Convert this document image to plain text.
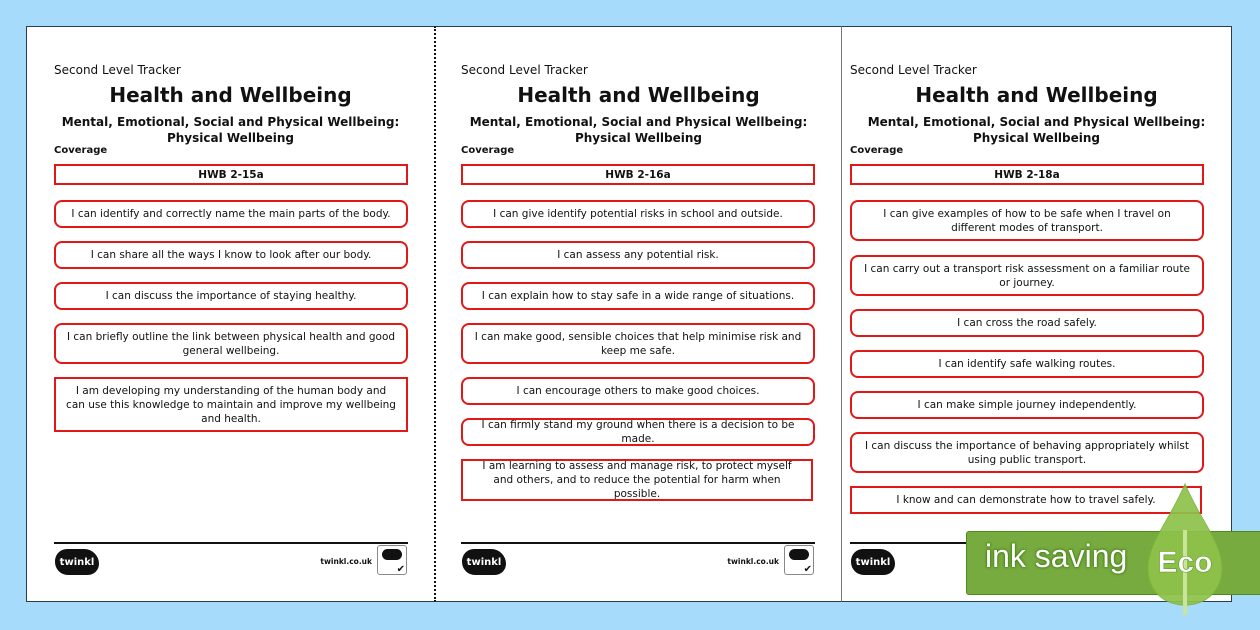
Second Level Tracker
Health and Wellbeing
Mental, Emotional, Social and Physical Wellbeing:
Physical Wellbeing
Coverage
HWB 2-15a
I can identify and correctly name the main parts of the body.
I can share all the ways I know to look after our body.
I can discuss the importance of staying healthy.
I can briefly outline the link between physical health and good general wellbeing.
I am developing my understanding of the human body and can use this knowledge to maintain and improve my wellbeing and health.
twinkl	twinkl.co.uk
✔
Second Level Tracker
Health and Wellbeing
Mental, Emotional, Social and Physical Wellbeing:
Physical Wellbeing
Coverage
HWB 2-16a
I can give identify potential risks in school and outside.
I can assess any potential risk.
I can explain how to stay safe in a wide range of situations.
I can make good, sensible choices that help minimise risk and keep me safe.
I can encourage others to make good choices.
I can firmly stand my ground when there is a decision to be made.
I am learning to assess and manage risk, to protect myself and others, and to reduce the potential for harm when possible.
twinkl	twinkl.co.uk
✔
Second Level Tracker
Health and Wellbeing
Mental, Emotional, Social and Physical Wellbeing:
Physical Wellbeing
Coverage
HWB 2-18a
I can give examples of how to be safe when I travel on different modes of transport.
I can carry out a transport risk assessment on a familiar route or journey.
I can cross the road safely.
I can identify safe walking routes.
I can make simple journey independently.
I can discuss the importance of behaving appropriately whilst using public transport.
I know and can demonstrate how to travel safely.
twinkl	ink saving Eco
